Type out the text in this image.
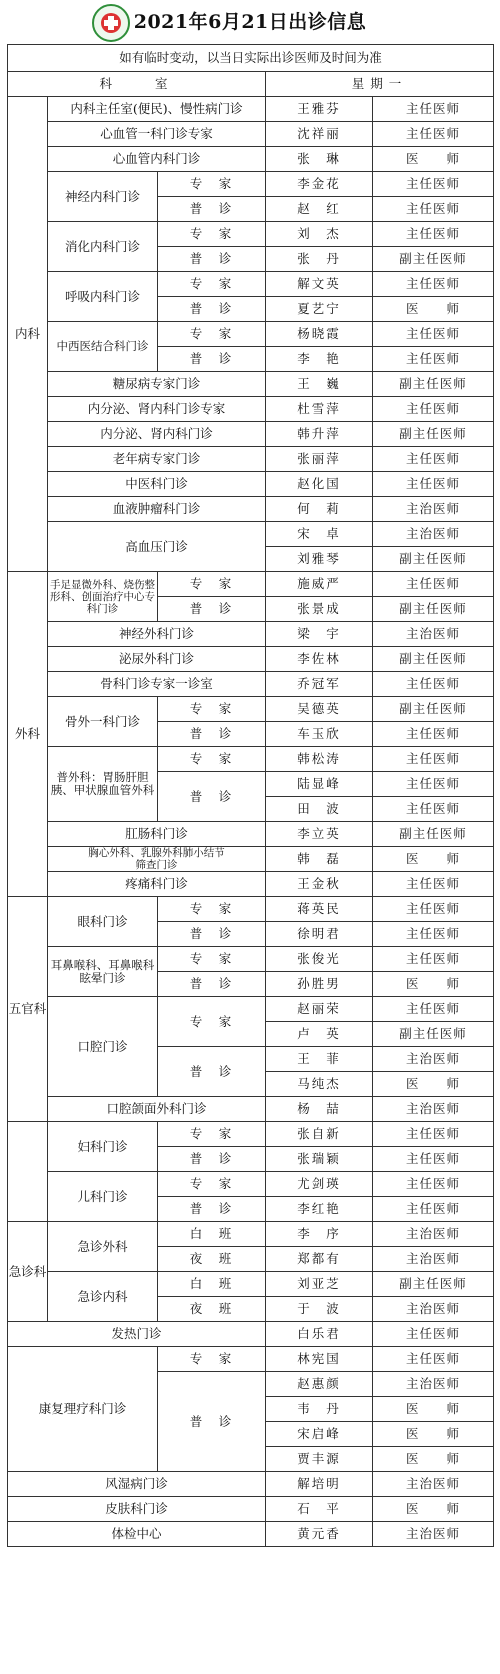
2021年6月21日出诊信息
如有临时变动，以当日实际出诊医师及时间为准				
科　　室			星期一	
内科	内科主任室(便民)、慢性病门诊		王雅芬	主任医师
	心血管一科门诊专家		沈祥丽	主任医师
	心血管内科门诊		张　琳	医　　师
	神经内科门诊	专　家	李金花	主任医师
		普　诊	赵　红	主任医师
	消化内科门诊	专　家	刘　杰	主任医师
		普　诊	张　丹	副主任医师
	呼吸内科门诊	专　家	解文英	主任医师
		普　诊	夏艺宁	医　　师
	中西医结合科门诊	专　家	杨晓霞	主任医师
		普　诊	李　艳	主任医师
	糖尿病专家门诊		王　巍	副主任医师
	内分泌、肾内科门诊专家		杜雪萍	主任医师
	内分泌、肾内科门诊		韩升萍	副主任医师
	老年病专家门诊		张丽萍	主任医师
	中医科门诊		赵化国	主任医师
	血液肿瘤科门诊		何　莉	主治医师
	高血压门诊		宋　卓	主治医师
			刘雅琴	副主任医师
外科	手足显微外科、烧伤整形科、创面治疗中心专科门诊	专　家	施威严	主任医师
		普　诊	张景成	副主任医师
	神经外科门诊		梁　宇	主治医师
	泌尿外科门诊		李佐林	副主任医师
	骨科门诊专家一诊室		乔冠军	主任医师
	骨外一科门诊	专　家	吴德英	副主任医师
		普　诊	车玉欣	主任医师
	普外科：胃肠肝胆胰、甲状腺血管外科	专　家	韩松涛	主任医师
		普　诊	陆显峰	主任医师
			田　波	主任医师
	肛肠科门诊		李立英	副主任医师
	胸心外科、乳腺外科肺小结节筛查门诊		韩　磊	医　　师
	疼痛科门诊		王金秋	主任医师
五官科	眼科门诊	专　家	蒋英民	主任医师
		普　诊	徐明君	主任医师
	耳鼻喉科、耳鼻喉科眩晕门诊	专　家	张俊光	主任医师
		普　诊	孙胜男	医　　师
	口腔门诊	专　家	赵丽荣	主任医师
			卢　英	副主任医师
		普　诊	王　菲	主治医师
			马纯杰	医　　师
	口腔颌面外科门诊		杨　喆	主治医师
	妇科门诊	专　家	张自新	主任医师
		普　诊	张瑞颖	主任医师
	儿科门诊	专　家	尤剑瑛	主任医师
		普　诊	李红艳	主任医师
急诊科	急诊外科	白　班	李　序	主治医师
		夜　班	郑都有	主治医师
	急诊内科	白　班	刘亚芝	副主任医师
		夜　班	于　波	主治医师
发热门诊			白乐君	主任医师
康复理疗科门诊		专　家	林宪国	主任医师
		普　诊	赵惠颜	主治医师
			韦　丹	医　　师
			宋启峰	医　　师
			贾丰源	医　　师
风湿病门诊			解培明	主治医师
皮肤科门诊			石　平	医　　师
体检中心			黄元香	主治医师
